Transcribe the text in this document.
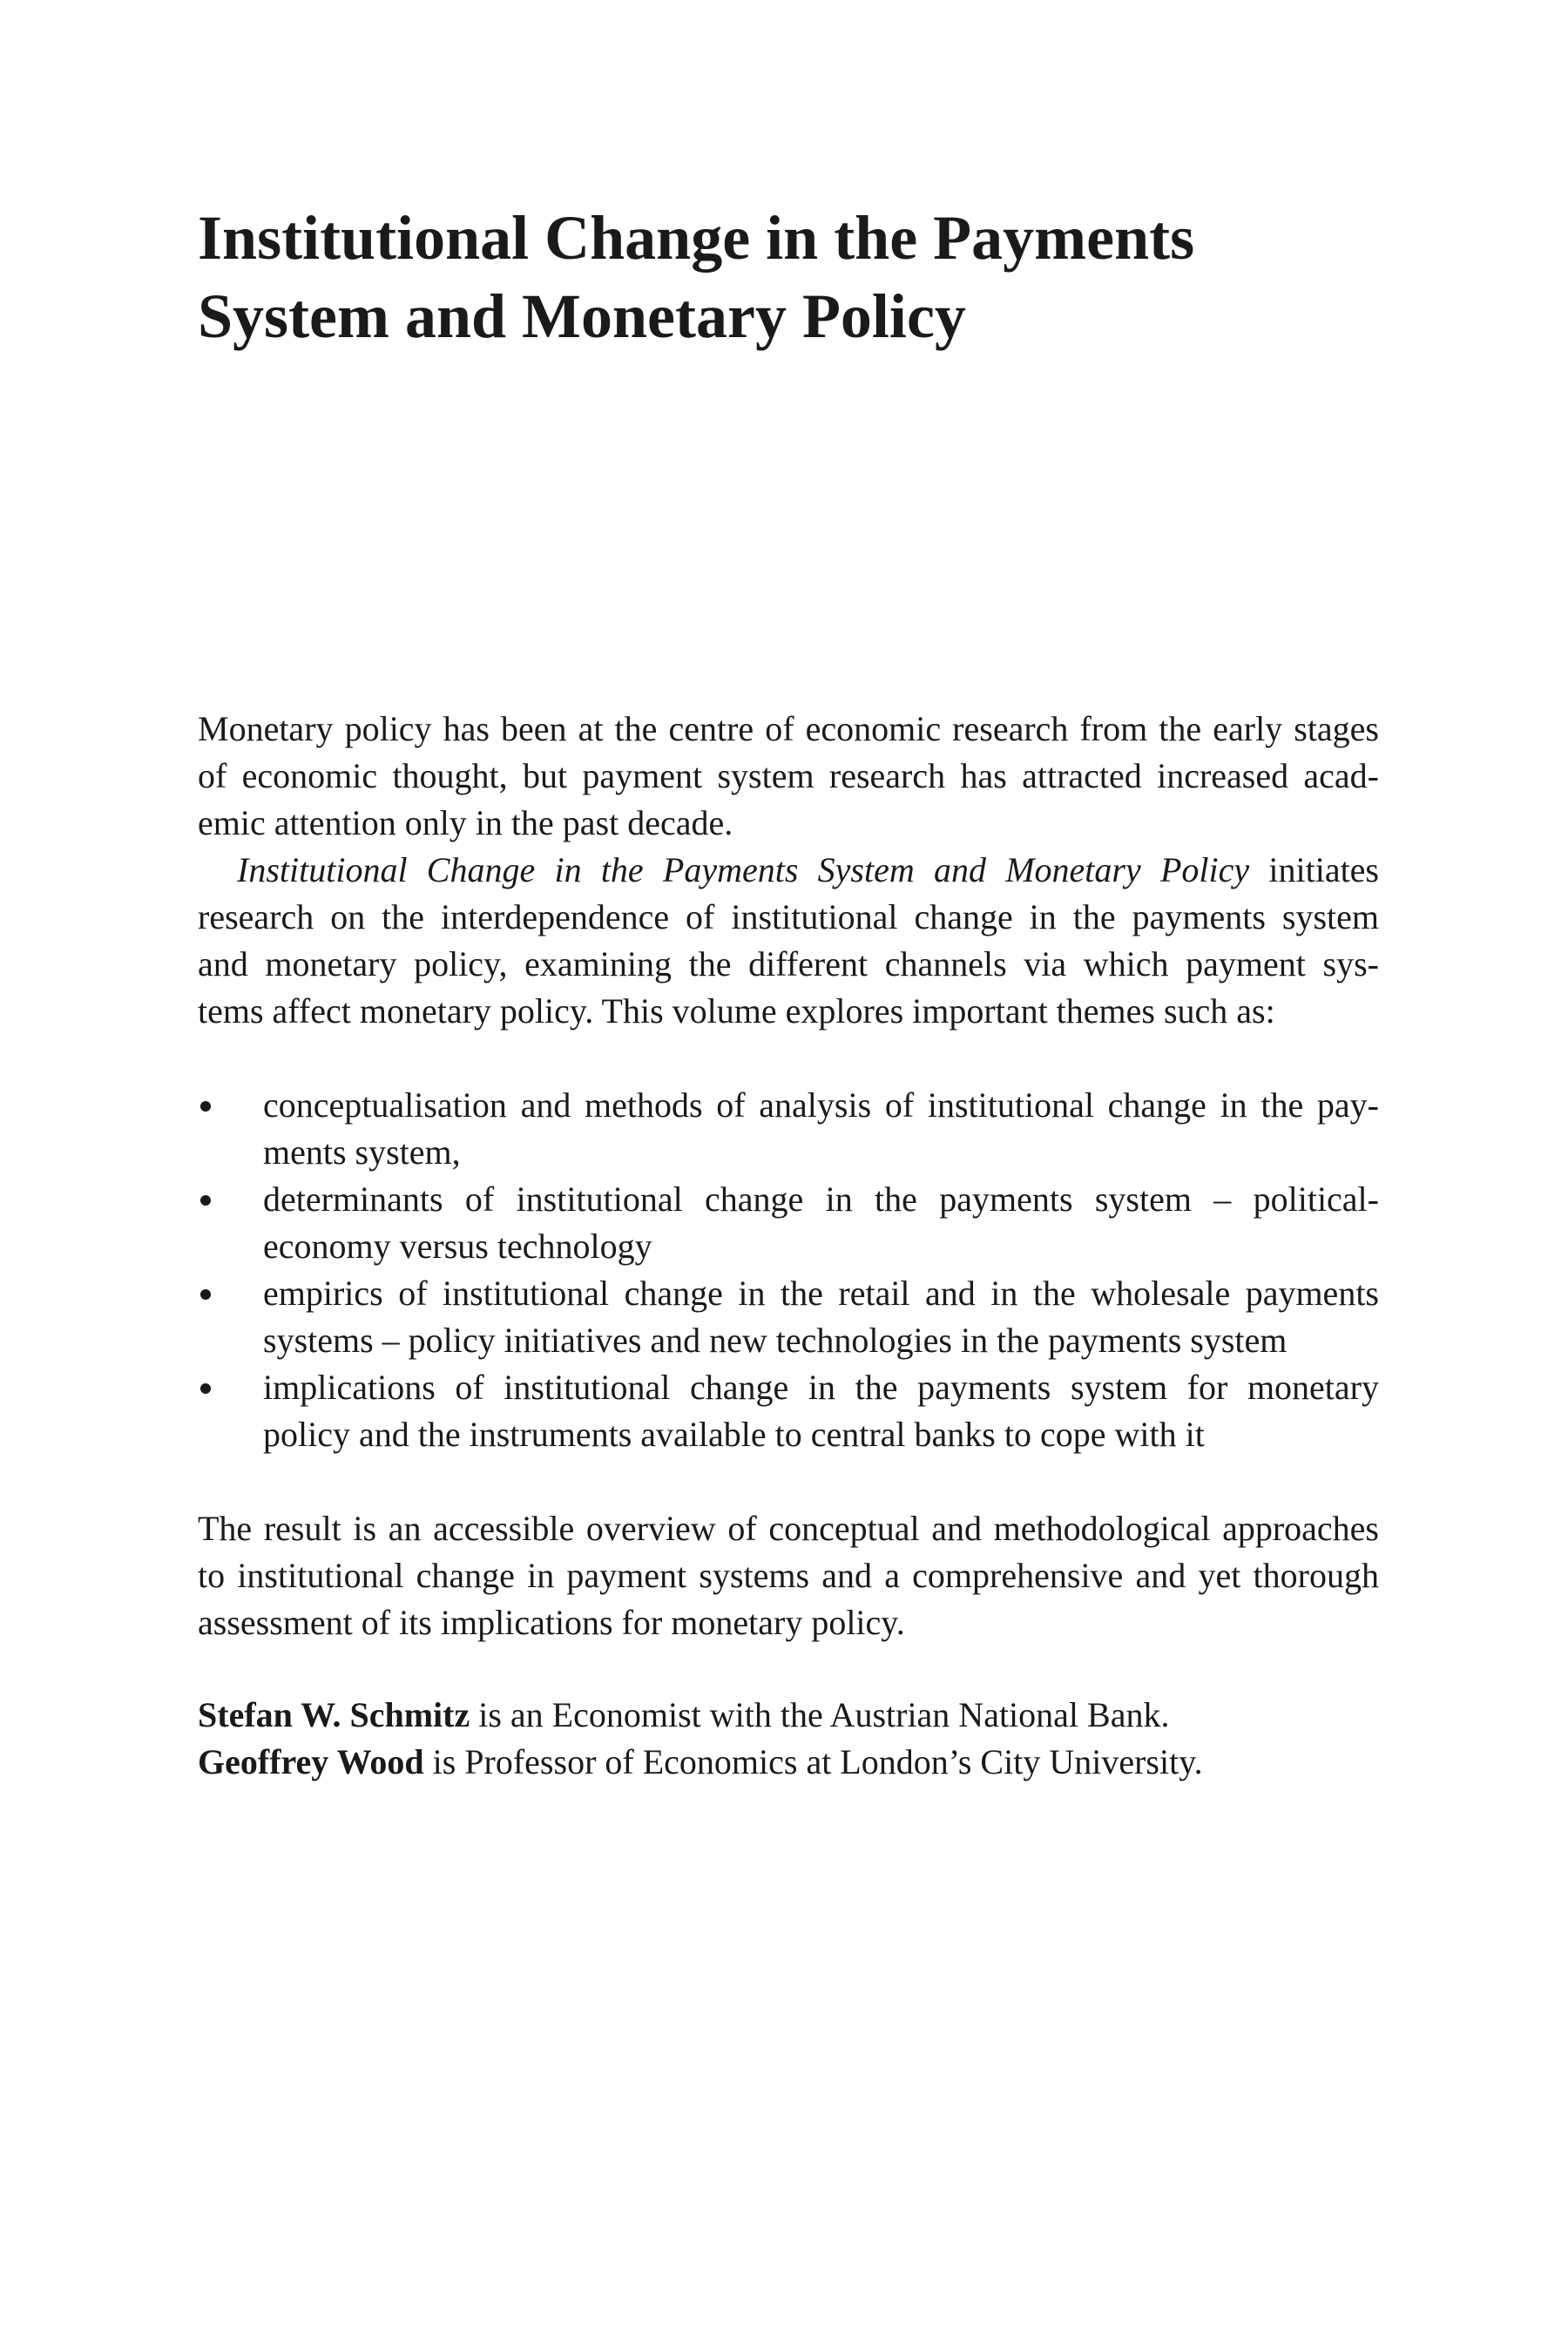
Institutional Change in the Payments
System and Monetary Policy
Monetary policy has been at the centre of economic research from the early stages
of economic thought, but payment system research has attracted increased acad-
emic attention only in the past decade.
Institutional Change in the Payments System and Monetary Policy initiates
research on the interdependence of institutional change in the payments system
and monetary policy, examining the different channels via which payment sys-
tems affect monetary policy. This volume explores important themes such as:
conceptualisation and methods of analysis of institutional change in the pay-
ments system,
determinants of institutional change in the payments system – political-
economy versus technology
empirics of institutional change in the retail and in the wholesale payments
systems – policy initiatives and new technologies in the payments system
implications of institutional change in the payments system for monetary
policy and the instruments available to central banks to cope with it
The result is an accessible overview of conceptual and methodological approaches
to institutional change in payment systems and a comprehensive and yet thorough
assessment of its implications for monetary policy.
Stefan W. Schmitz is an Economist with the Austrian National Bank.
Geoffrey Wood is Professor of Economics at London’s City University.
